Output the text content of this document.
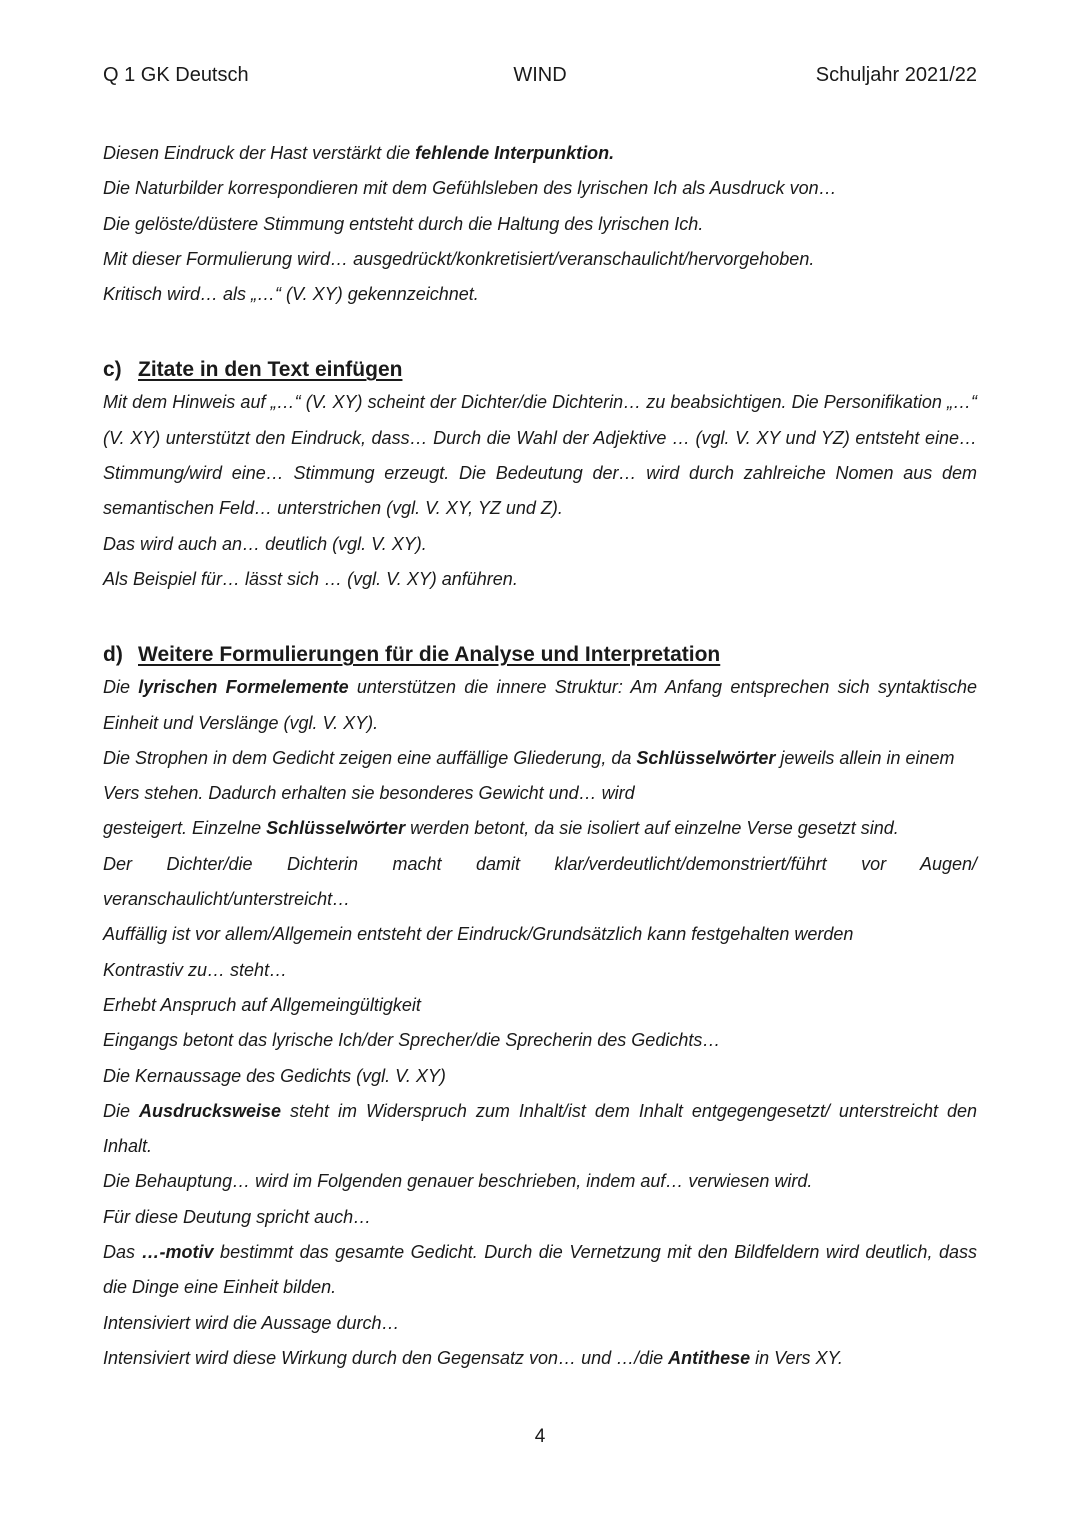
Q 1 GK Deutsch	WIND	Schuljahr 2021/22

Diesen Eindruck der Hast verstärkt die fehlende Interpunktion.

Die Naturbilder korrespondieren mit dem Gefühlsleben des lyrischen Ich als Ausdruck von…

Die gelöste/düstere Stimmung entsteht durch die Haltung des lyrischen Ich.

Mit dieser Formulierung wird… ausgedrückt/konkretisiert/veranschaulicht/hervorgehoben.

Kritisch wird… als „…“ (V. XY) gekennzeichnet.

c) Zitate in den Text einfügen

Mit dem Hinweis auf „…“ (V. XY) scheint der Dichter/die Dichterin… zu beabsichtigen. Die Personifikation „…“ (V. XY) unterstützt den Eindruck, dass… Durch die Wahl der Adjektive … (vgl. V. XY und YZ) entsteht eine… Stimmung/wird eine… Stimmung erzeugt. Die Bedeutung der… wird durch zahlreiche Nomen aus dem semantischen Feld… unterstrichen (vgl. V. XY, YZ und Z).

Das wird auch an… deutlich (vgl. V. XY).

Als Beispiel für… lässt sich … (vgl. V. XY) anführen.

d) Weitere Formulierungen für die Analyse und Interpretation

Die lyrischen Formelemente unterstützen die innere Struktur: Am Anfang entsprechen sich syntaktische Einheit und Verslänge (vgl. V. XY).

Die Strophen in dem Gedicht zeigen eine auffällige Gliederung, da Schlüsselwörter jeweils allein in einem Vers stehen. Dadurch erhalten sie besonderes Gewicht und… wird

gesteigert. Einzelne Schlüsselwörter werden betont, da sie isoliert auf einzelne Verse gesetzt sind.

Der Dichter/die Dichterin macht damit klar/verdeutlicht/demonstriert/führt vor Augen/ veranschaulicht/unterstreicht…

Auffällig ist vor allem/Allgemein entsteht der Eindruck/Grundsätzlich kann festgehalten werden

Kontrastiv zu… steht…

Erhebt Anspruch auf Allgemeingültigkeit

Eingangs betont das lyrische Ich/der Sprecher/die Sprecherin des Gedichts…

Die Kernaussage des Gedichts (vgl. V. XY)

Die Ausdrucksweise steht im Widerspruch zum Inhalt/ist dem Inhalt entgegengesetzt/ unterstreicht den Inhalt.

Die Behauptung… wird im Folgenden genauer beschrieben, indem auf… verwiesen wird.

Für diese Deutung spricht auch…

Das …-motiv bestimmt das gesamte Gedicht. Durch die Vernetzung mit den Bildfeldern wird deutlich, dass die Dinge eine Einheit bilden.

Intensiviert wird die Aussage durch…

Intensiviert wird diese Wirkung durch den Gegensatz von… und …/die Antithese in Vers XY.

4
